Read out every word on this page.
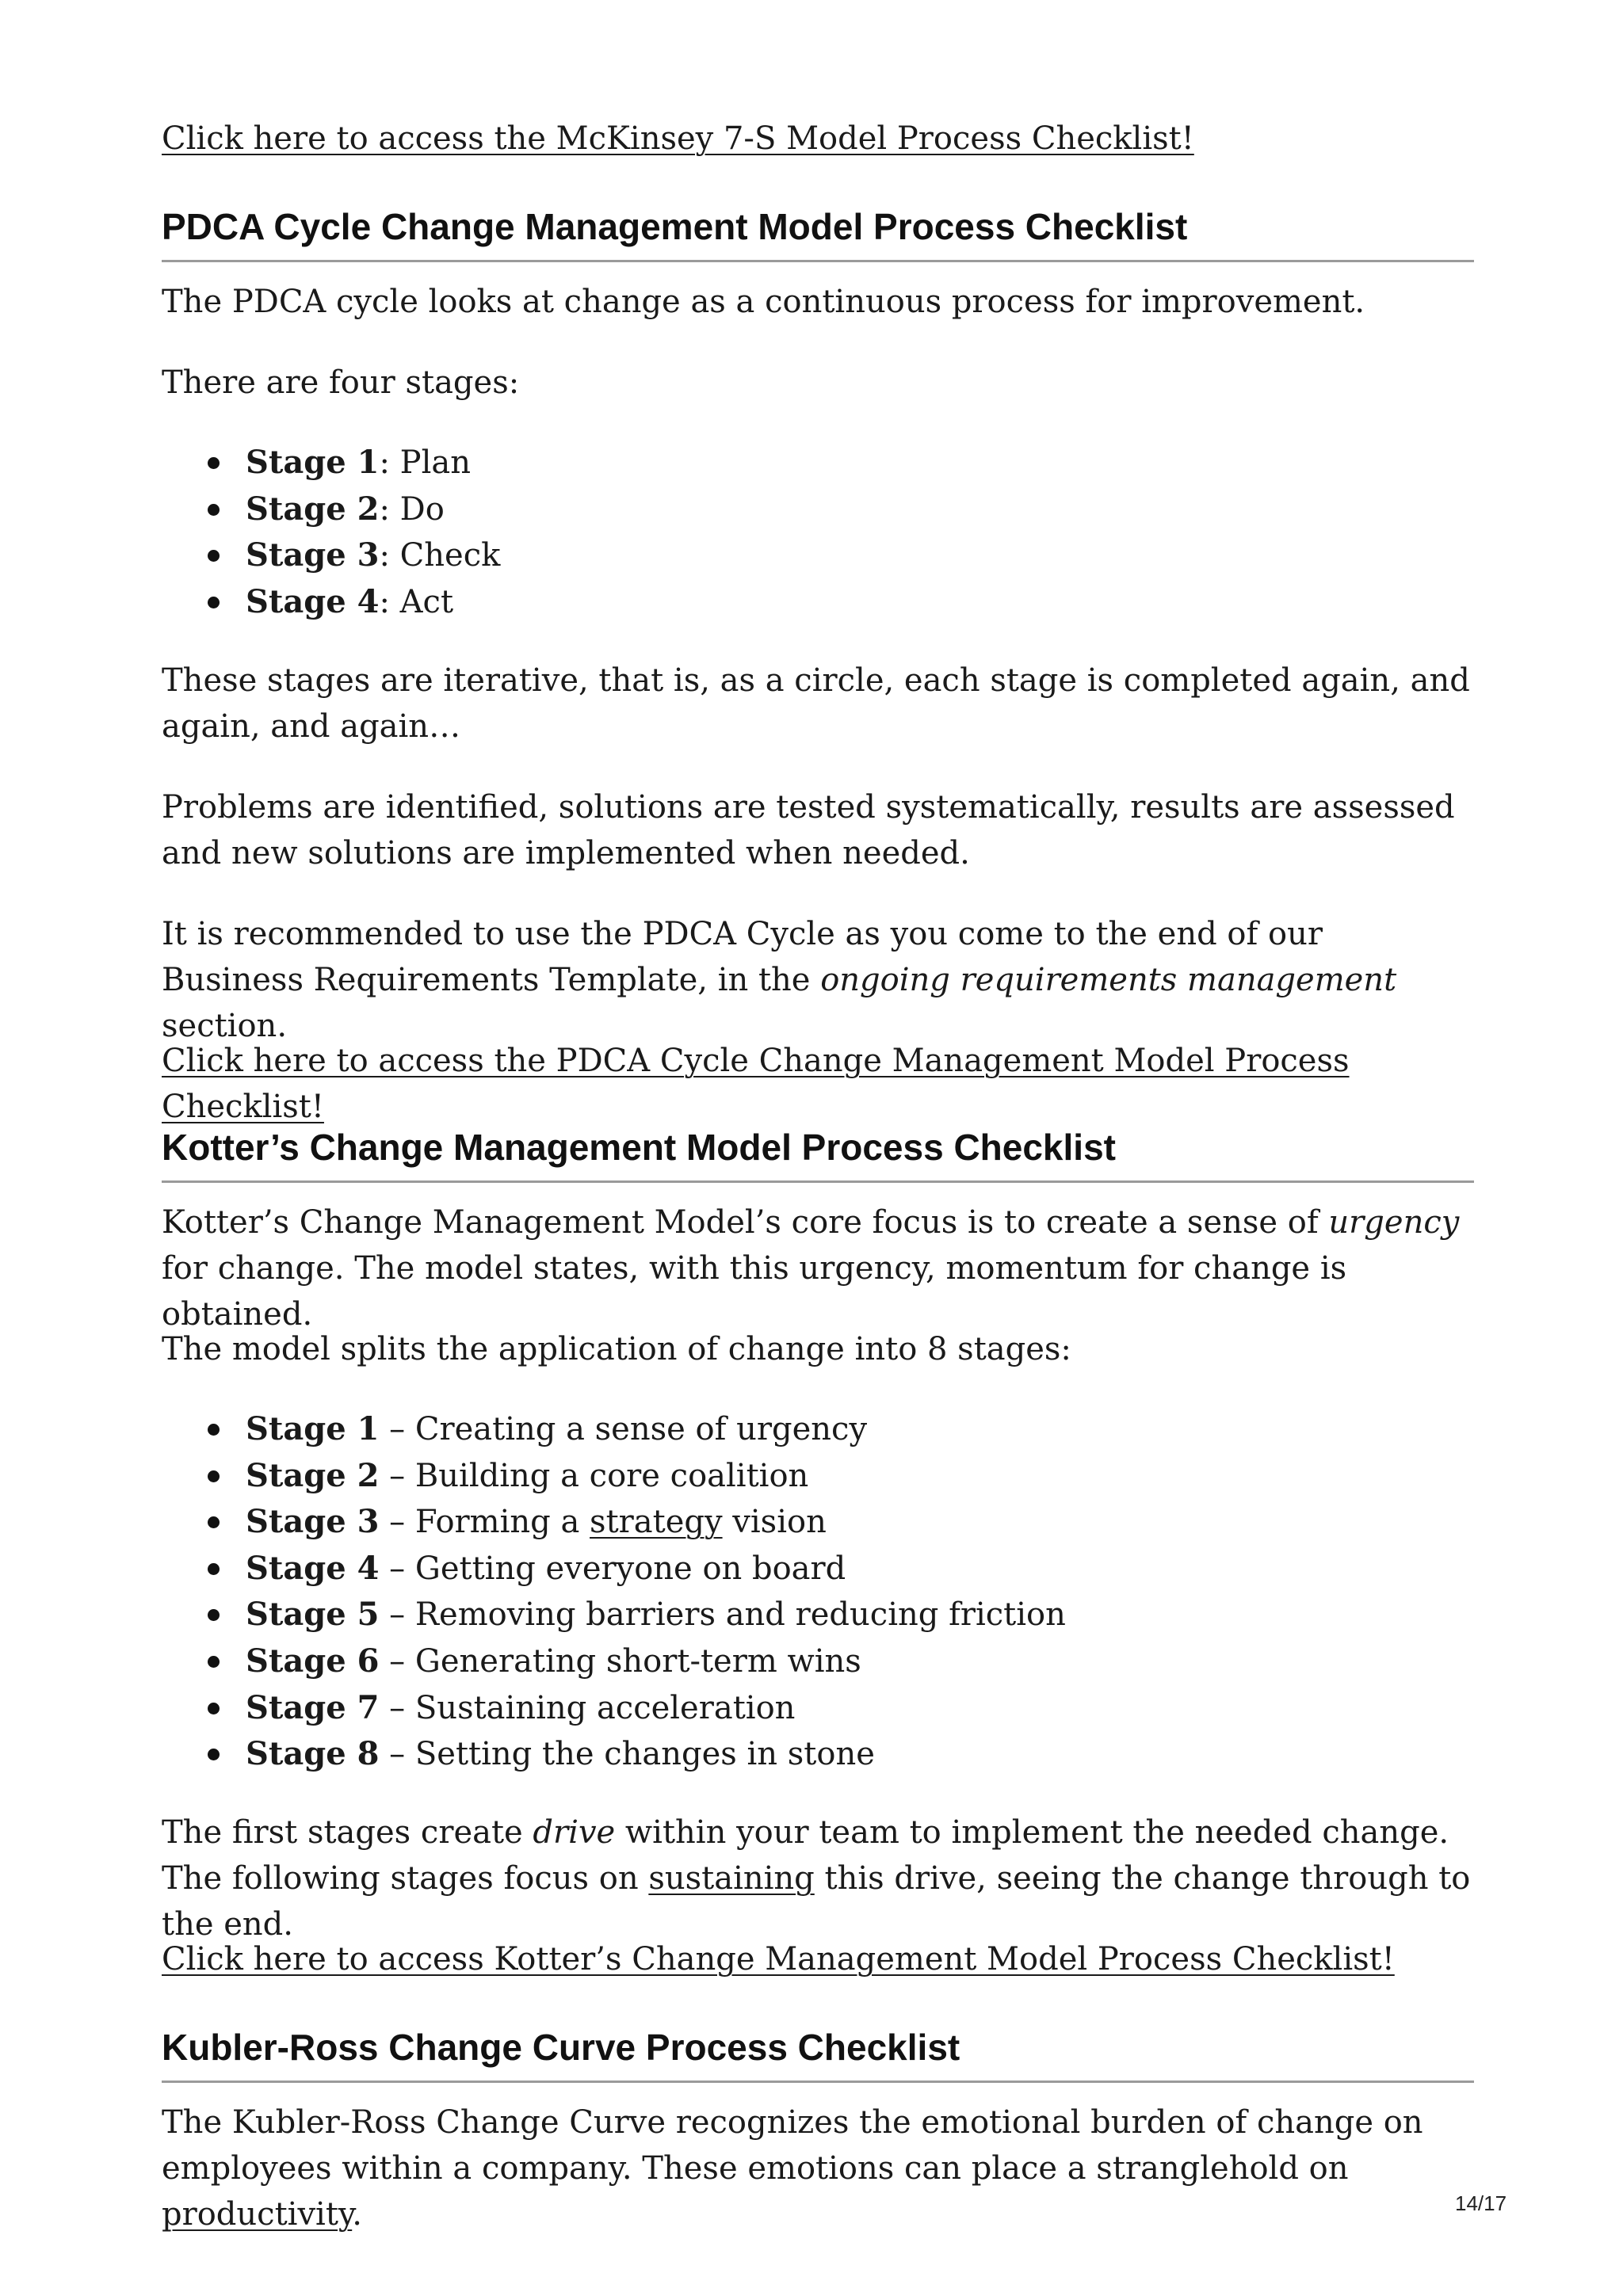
Click here to access the McKinsey 7-S Model Process Checklist!

PDCA Cycle Change Management Model Process Checklist

The PDCA cycle looks at change as a continuous process for improvement.

There are four stages:

Stage 1: Plan
Stage 2: Do
Stage 3: Check
Stage 4: Act

These stages are iterative, that is, as a circle, each stage is completed again, and again, and again…

Problems are identified, solutions are tested systematically, results are assessed and new solutions are implemented when needed.

It is recommended to use the PDCA Cycle as you come to the end of our Business Requirements Template, in the ongoing requirements management section.

Click here to access the PDCA Cycle Change Management Model Process Checklist!

Kotter’s Change Management Model Process Checklist

Kotter’s Change Management Model’s core focus is to create a sense of urgency for change. The model states, with this urgency, momentum for change is obtained.

The model splits the application of change into 8 stages:

Stage 1 – Creating a sense of urgency
Stage 2 – Building a core coalition
Stage 3 – Forming a strategy vision
Stage 4 – Getting everyone on board
Stage 5 – Removing barriers and reducing friction
Stage 6 – Generating short-term wins
Stage 7 – Sustaining acceleration
Stage 8 – Setting the changes in stone

The first stages create drive within your team to implement the needed change. The following stages focus on sustaining this drive, seeing the change through to the end.

Click here to access Kotter’s Change Management Model Process Checklist!

Kubler-Ross Change Curve Process Checklist

The Kubler-Ross Change Curve recognizes the emotional burden of change on employees within a company. These emotions can place a stranglehold on productivity.	14/17
